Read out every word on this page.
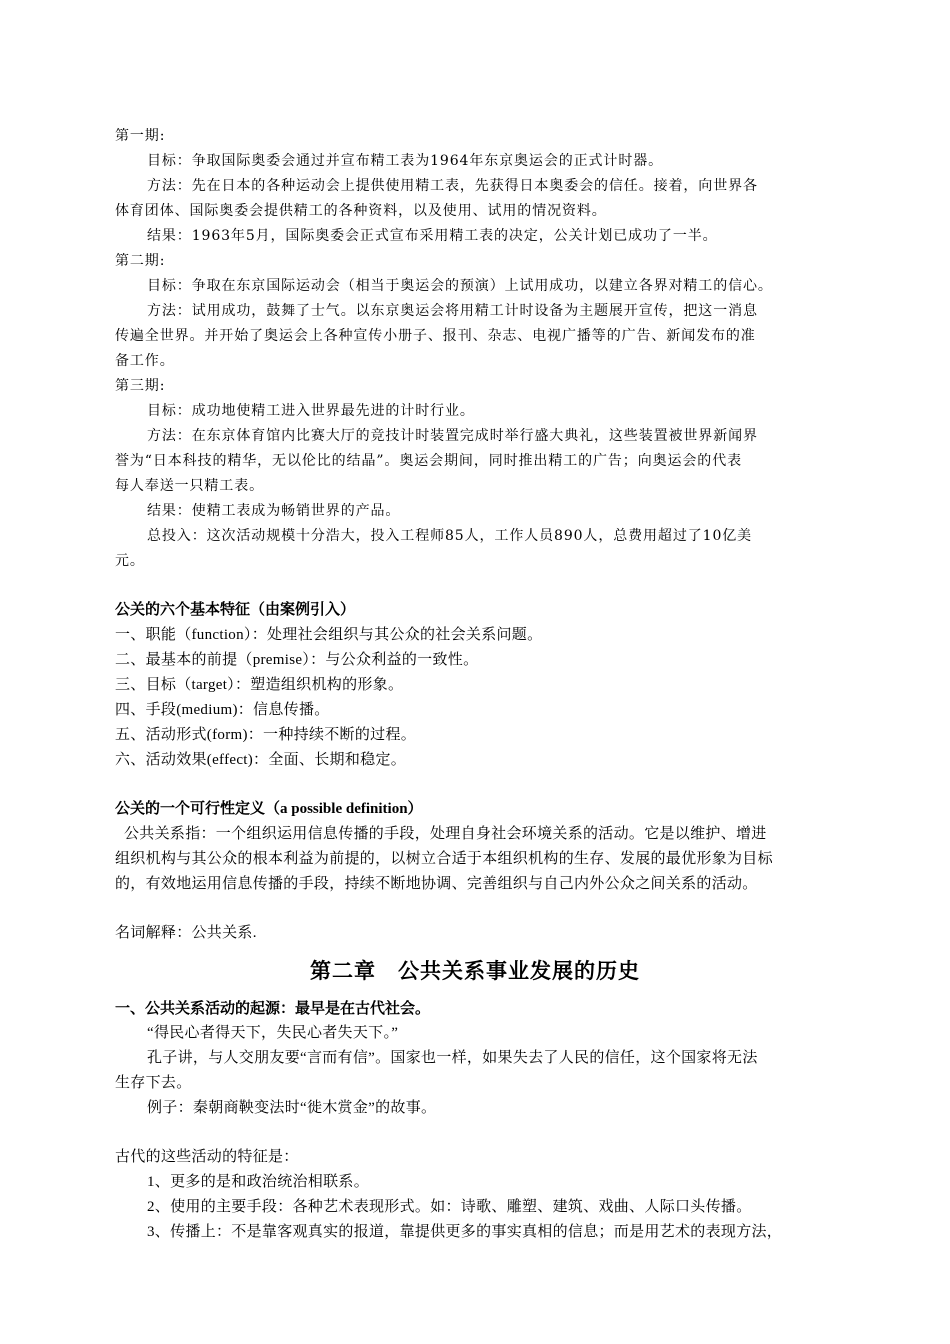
第一期:
目标：争取国际奥委会通过并宣布精工表为1964年东京奥运会的正式计时器。
方法：先在日本的各种运动会上提供使用精工表，先获得日本奥委会的信任。接着，向世界各
体育团体、国际奥委会提供精工的各种资料，以及使用、试用的情况资料。
结果：1963年5月，国际奥委会正式宣布采用精工表的决定，公关计划已成功了一半。
第二期:
目标：争取在东京国际运动会（相当于奥运会的预演）上试用成功，以建立各界对精工的信心。
方法：试用成功，鼓舞了士气。以东京奥运会将用精工计时设备为主题展开宣传，把这一消息
传遍全世界。并开始了奥运会上各种宣传小册子、报刊、杂志、电视广播等的广告、新闻发布的准
备工作。
第三期:
目标：成功地使精工进入世界最先进的计时行业。
方法：在东京体育馆内比赛大厅的竞技计时装置完成时举行盛大典礼，这些装置被世界新闻界
誉为“日本科技的精华，无以伦比的结晶”。奥运会期间，同时推出精工的广告；向奥运会的代表
每人奉送一只精工表。
结果：使精工表成为畅销世界的产品。
总投入：这次活动规模十分浩大，投入工程师85人，工作人员890人，总费用超过了10亿美
元。
公关的六个基本特征（由案例引入）
一、职能（function）：处理社会组织与其公众的社会关系问题。
二、最基本的前提（premise）：与公众利益的一致性。
三、目标（target）：塑造组织机构的形象。
四、手段(medium)：信息传播。
五、活动形式(form)：一种持续不断的过程。
六、活动效果(effect)：全面、长期和稳定。
公关的一个可行性定义（a possible definition）
公共关系指：一个组织运用信息传播的手段，处理自身社会环境关系的活动。它是以维护、增进
组织机构与其公众的根本利益为前提的，以树立合适于本组织机构的生存、发展的最优形象为目标
的，有效地运用信息传播的手段，持续不断地协调、完善组织与自己内外公众之间关系的活动。
名词解释：公共关系.
第二章 公共关系事业发展的历史
一、公共关系活动的起源：最早是在古代社会。
“得民心者得天下，失民心者失天下。”
孔子讲，与人交朋友要“言而有信”。国家也一样，如果失去了人民的信任，这个国家将无法
生存下去。
例子：秦朝商鞅变法时“徙木赏金”的故事。
古代的这些活动的特征是：
1、更多的是和政治统治相联系。
2、使用的主要手段：各种艺术表现形式。如：诗歌、雕塑、建筑、戏曲、人际口头传播。
3、传播上：不是靠客观真实的报道，靠提供更多的事实真相的信息；而是用艺术的表现方法，
